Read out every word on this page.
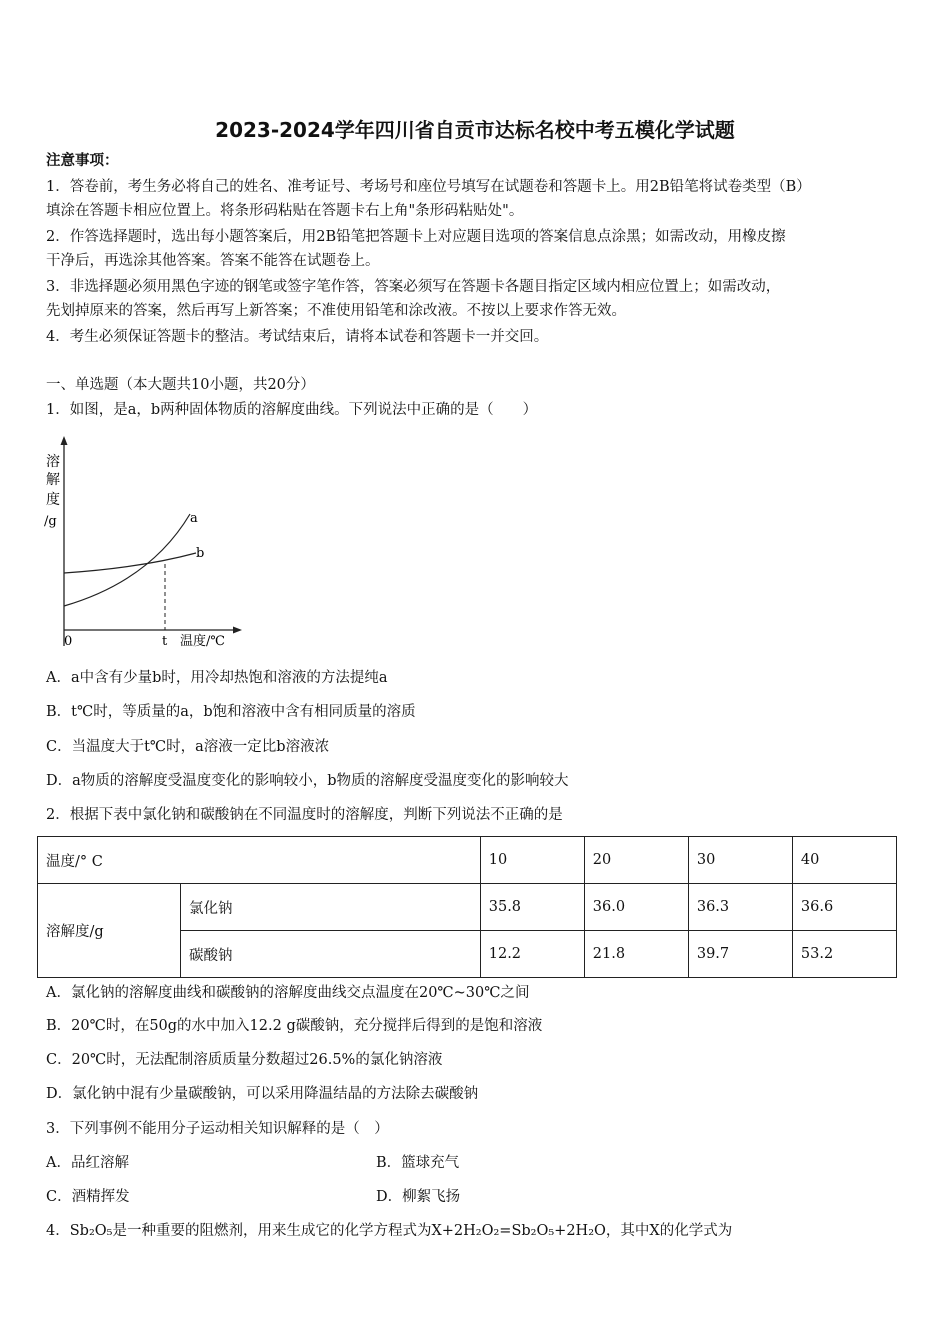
2023-2024学年四川省自贡市达标名校中考五模化学试题
注意事项：
1．答卷前，考生务必将自己的姓名、准考证号、考场号和座位号填写在试题卷和答题卡上。用2B铅笔将试卷类型（B）
填涂在答题卡相应位置上。将条形码粘贴在答题卡右上角"条形码粘贴处"。
2．作答选择题时，选出每小题答案后，用2B铅笔把答题卡上对应题目选项的答案信息点涂黑；如需改动，用橡皮擦
干净后，再选涂其他答案。答案不能答在试题卷上。
3．非选择题必须用黑色字迹的钢笔或签字笔作答，答案必须写在答题卡各题目指定区域内相应位置上；如需改动，
先划掉原来的答案，然后再写上新答案；不准使用铅笔和涂改液。不按以上要求作答无效。
4．考生必须保证答题卡的整洁。考试结束后，请将本试卷和答题卡一并交回。
一、单选题（本大题共10小题，共20分）
1．如图，是a，b两种固体物质的溶解度曲线。下列说法中正确的是（　　）
溶
解
度
/g	a
b
0	t 温度/℃
A．a中含有少量b时，用冷却热饱和溶液的方法提纯a
B．t℃时，等质量的a，b饱和溶液中含有相同质量的溶质
C．当温度大于t℃时，a溶液一定比b溶液浓
D．a物质的溶解度受温度变化的影响较小，b物质的溶解度受温度变化的影响较大
2．根据下表中氯化钠和碳酸钠在不同温度时的溶解度，判断下列说法不正确的是
温度/° C		10	20	30	40
溶解度/g	氯化钠	35.8	36.0	36.3	36.6
	碳酸钠	12.2	21.8	39.7	53.2
A．氯化钠的溶解度曲线和碳酸钠的溶解度曲线交点温度在20℃~30℃之间
B．20℃时，在50g的水中加入12.2 g碳酸钠，充分搅拌后得到的是饱和溶液
C．20℃时，无法配制溶质质量分数超过26.5%的氯化钠溶液
D．氯化钠中混有少量碳酸钠，可以采用降温结晶的方法除去碳酸钠
3．下列事例不能用分子运动相关知识解释的是（　）
A．品红溶解	B．篮球充气
C．酒精挥发	D．柳絮飞扬
4．Sb₂O₅是一种重要的阻燃剂，用来生成它的化学方程式为X+2H₂O₂=Sb₂O₅+2H₂O，其中X的化学式为
